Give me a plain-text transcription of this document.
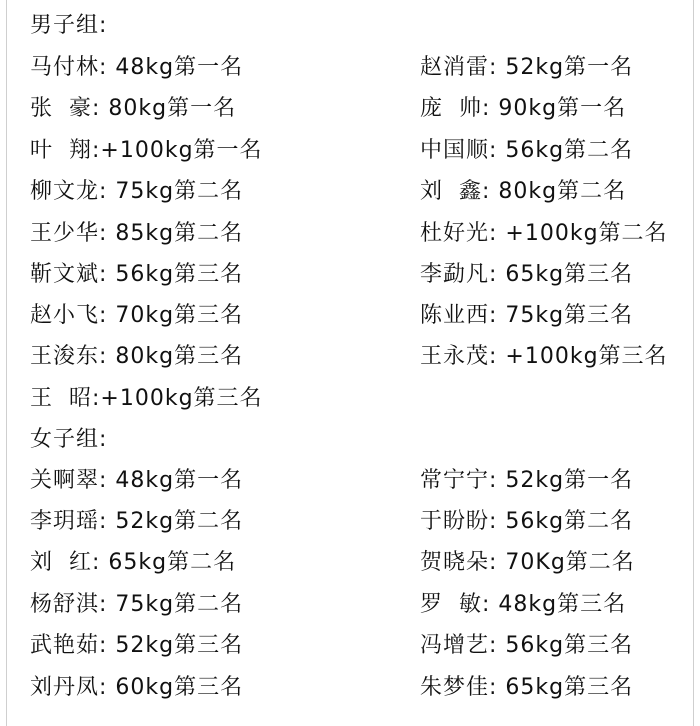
男子组:
马付林: 48kg第一名
张  豪: 80kg第一名
叶  翔:+100kg第一名
柳文龙: 75kg第二名
王少华: 85kg第二名
靳文斌: 56kg第三名
赵小飞: 70kg第三名
王浚东: 80kg第三名
王  昭:+100kg第三名
赵消雷: 52kg第一名
庞  帅: 90kg第一名
中国顺: 56kg第二名
刘  鑫: 80kg第二名
杜好光: +100kg第二名
李勐凡: 65kg第三名
陈业西: 75kg第三名
王永茂: +100kg第三名
女子组:
关啊翠: 48kg第一名
李玥瑶: 52kg第二名
刘  红: 65kg第二名
杨舒淇: 75kg第二名
武艳茹: 52kg第三名
刘丹凤: 60kg第三名
常宁宁: 52kg第一名
于盼盼: 56kg第二名
贺晓朵: 70Kg第二名
罗  敏: 48kg第三名
冯增艺: 56kg第三名
朱梦佳: 65kg第三名
